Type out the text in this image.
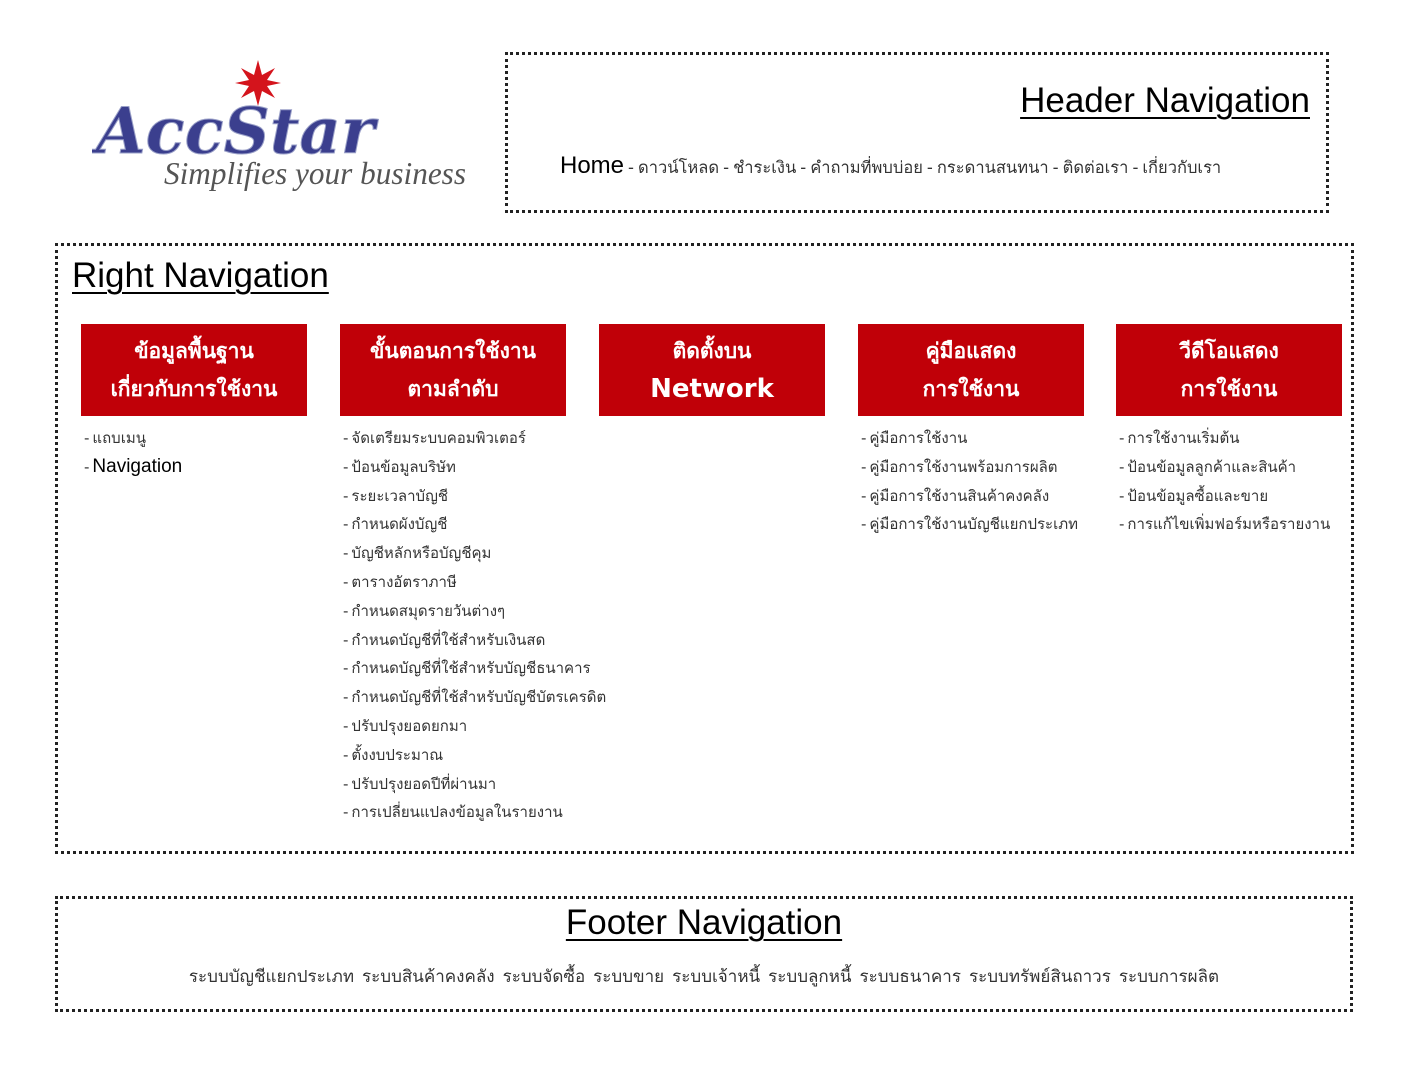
AccStar
Simplifies your business
Header Navigation
Home - ดาวน์โหลด - ชำระเงิน - คำถามที่พบบ่อย - กระดานสนทนา - ติดต่อเรา - เกี่ยวกับเรา
Right Navigation
ข้อมูลพื้นฐาน
เกี่ยวกับการใช้งาน
- แถบเมนู
- Navigation
ขั้นตอนการใช้งาน
ตามลำดับ
- จัดเตรียมระบบคอมพิวเตอร์
- ป้อนข้อมูลบริษัท
- ระยะเวลาบัญชี
- กำหนดผังบัญชี
- บัญชีหลักหรือบัญชีคุม
- ตารางอัตราภาษี
- กำหนดสมุดรายวันต่างๆ
- กำหนดบัญชีที่ใช้สำหรับเงินสด
- กำหนดบัญชีที่ใช้สำหรับบัญชีธนาคาร
- กำหนดบัญชีที่ใช้สำหรับบัญชีบัตรเครดิต
- ปรับปรุงยอดยกมา
- ตั้งงบประมาณ
- ปรับปรุงยอดปีที่ผ่านมา
- การเปลี่ยนแปลงข้อมูลในรายงาน
ติดตั้งบน
Network
คู่มือแสดง
การใช้งาน
- คู่มือการใช้งาน
- คู่มือการใช้งานพร้อมการผลิต
- คู่มือการใช้งานสินค้าคงคลัง
- คู่มือการใช้งานบัญชีแยกประเภท
วีดีโอแสดง
การใช้งาน
- การใช้งานเริ่มต้น
- ป้อนข้อมูลลูกค้าและสินค้า
- ป้อนข้อมูลซื้อและขาย
- การแก้ไขเพิ่มฟอร์มหรือรายงาน
Footer Navigation
ระบบบัญชีแยกประเภท ระบบสินค้าคงคลัง ระบบจัดซื้อ ระบบขาย ระบบเจ้าหนี้ ระบบลูกหนี้ ระบบธนาคาร ระบบทรัพย์สินถาวร ระบบการผลิต
